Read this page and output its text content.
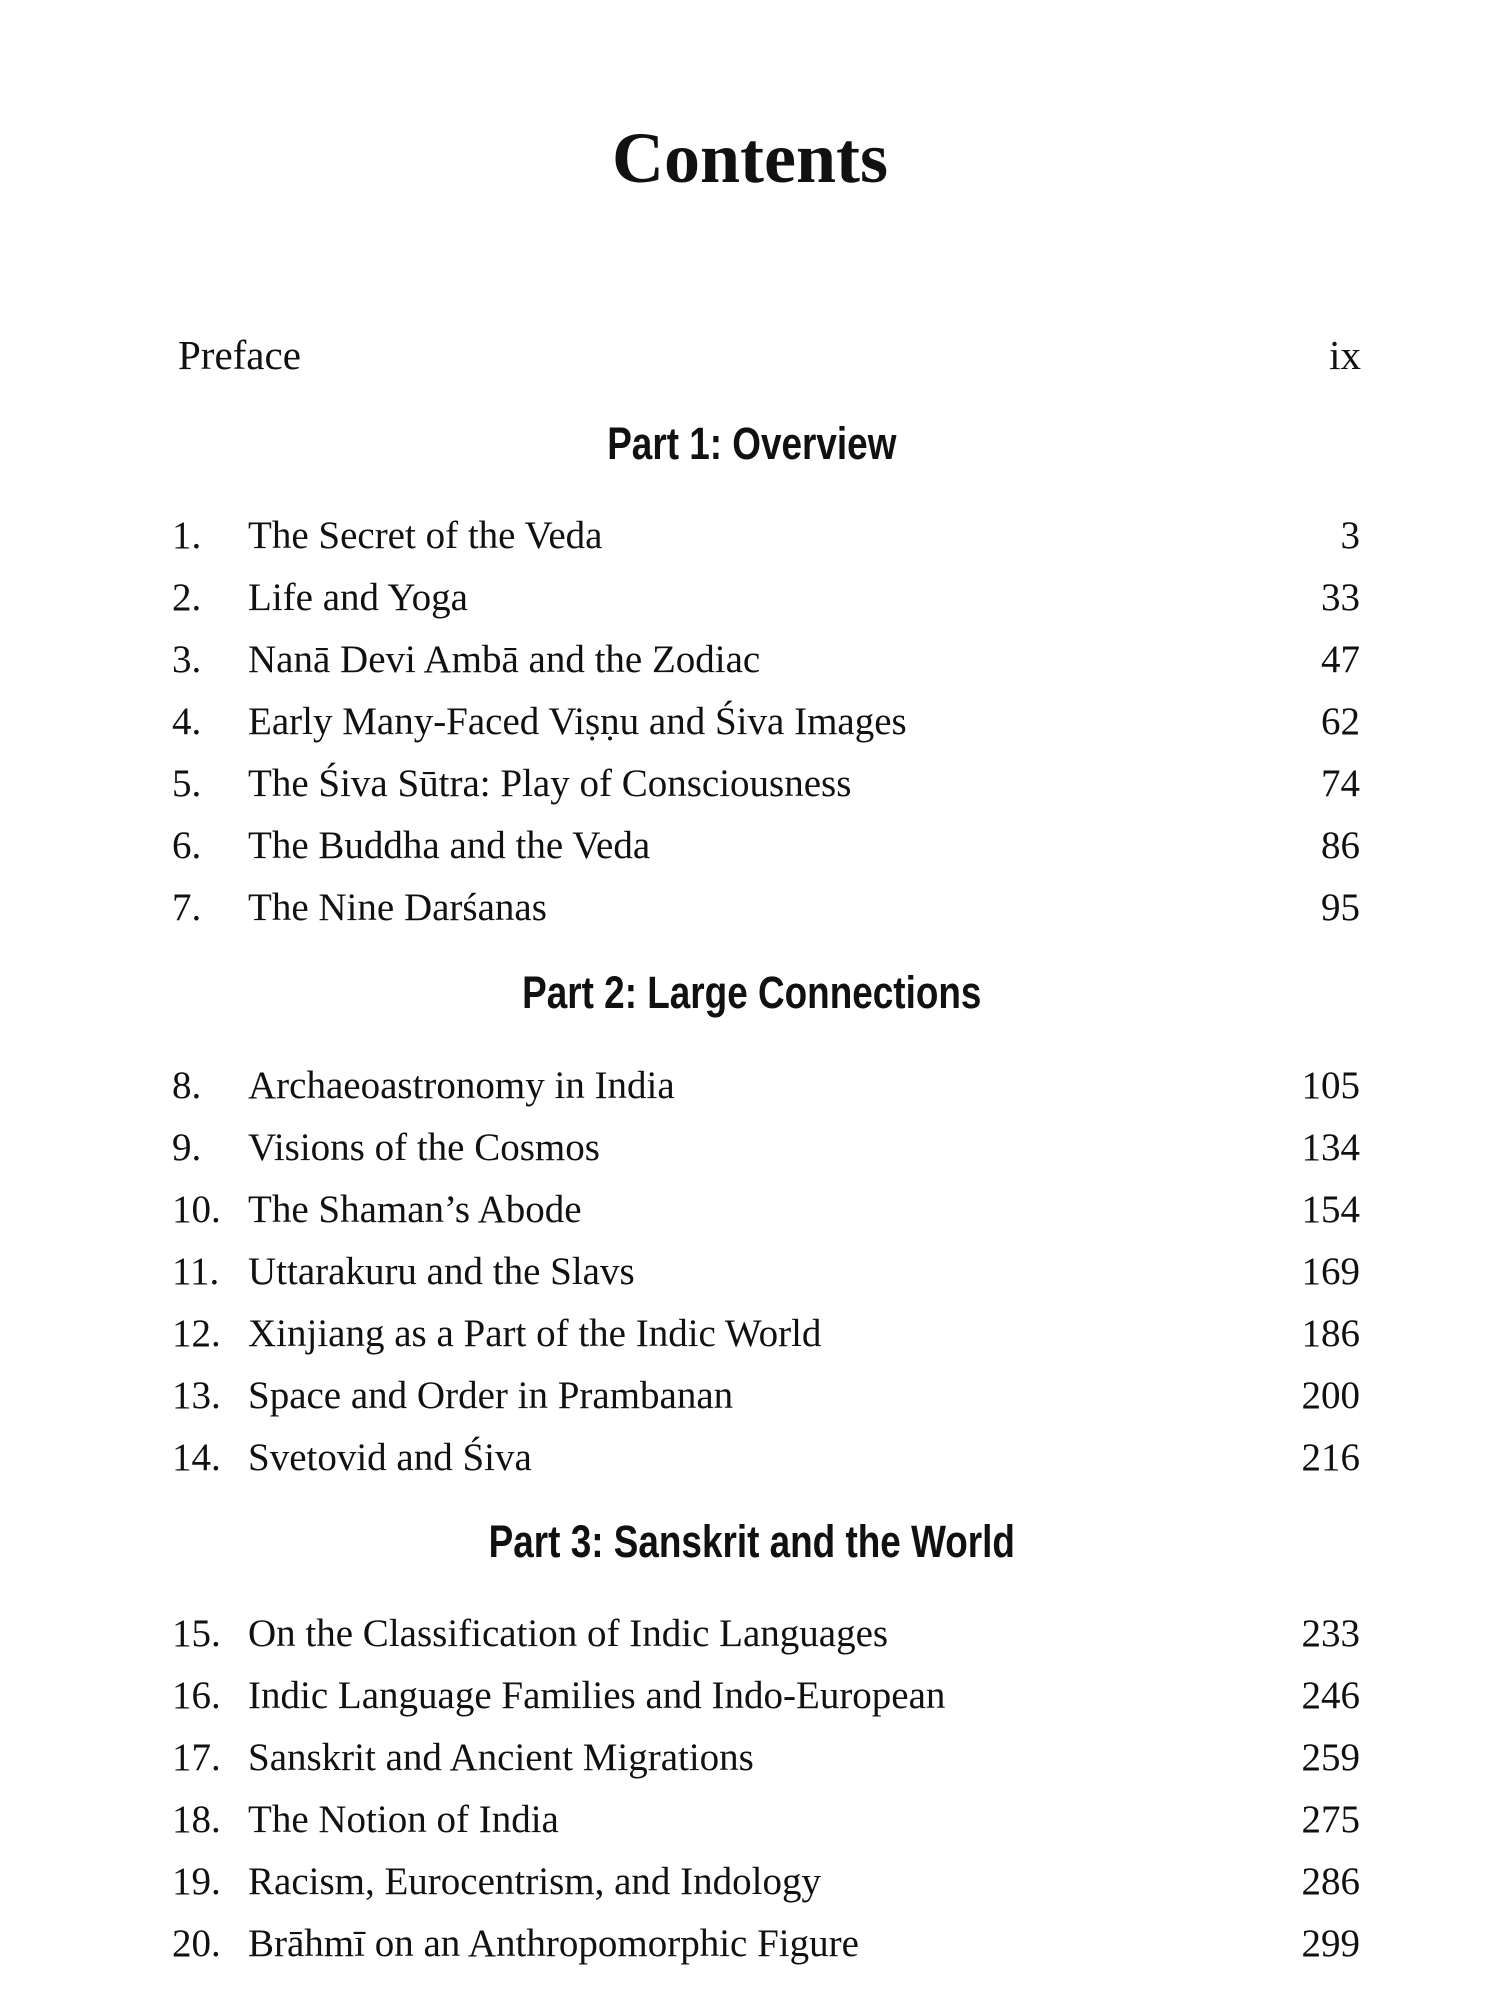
Contents
Preface	ix
Part 1: Overview
1.	The Secret of the Veda	3
2.	Life and Yoga	33
3.	Nanā Devi Ambā and the Zodiac	47
4.	Early Many-Faced Viṣṇu and Śiva Images	62
5.	The Śiva Sūtra: Play of Consciousness	74
6.	The Buddha and the Veda	86
7.	The Nine Darśanas	95
Part 2: Large Connections
8.	Archaeoastronomy in India	105
9.	Visions of the Cosmos	134
10. The Shaman’s Abode	154
11. Uttarakuru and the Slavs	169
12. Xinjiang as a Part of the Indic World	186
13. Space and Order in Prambanan	200
14. Svetovid and Śiva	216
Part 3: Sanskrit and the World
15. On the Classification of Indic Languages	233
16. Indic Language Families and Indo-European	246
17. Sanskrit and Ancient Migrations	259
18. The Notion of India	275
19. Racism, Eurocentrism, and Indology	286
20. Brāhmī on an Anthropomorphic Figure	299
